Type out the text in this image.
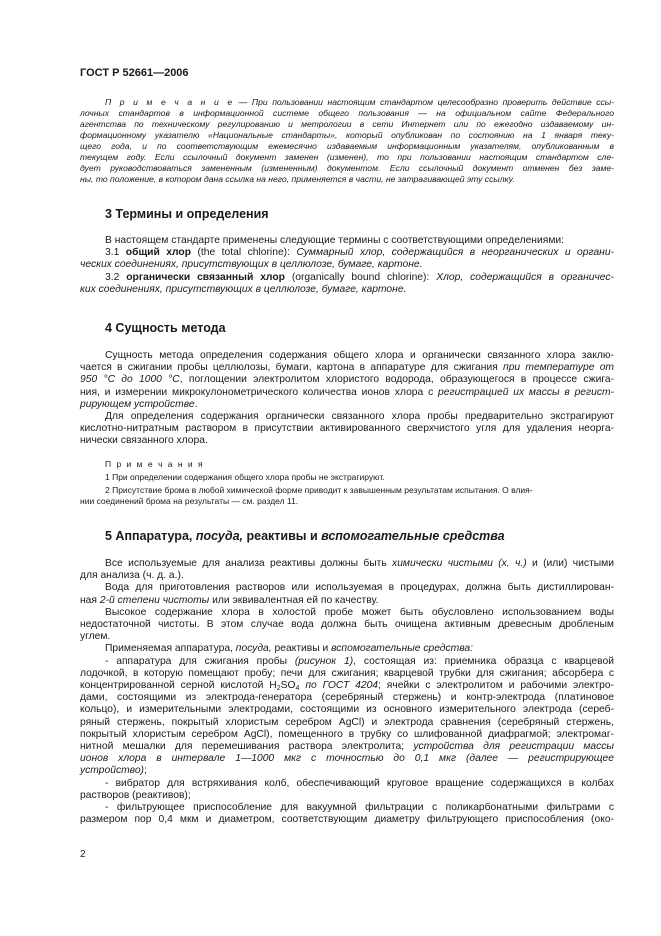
ГОСТ Р 52661—2006
П р и м е ч а н и е — При пользовании настоящим стандартом целесообразно проверить действие ссы-
лочных стандартов в информационной системе общего пользования — на официальном сайте Федерального
агентства по техническому регулированию и метрологии в сети Интернет или по ежегодно издаваемому ин-
формационному указателю «Национальные стандарты», который опубликован по состоянию на 1 января теку-
щего года, и по соответствующим ежемесячно издаваемым информационным указателям, опубликованным в
текущем году. Если ссылочный документ заменен (изменен), то при пользовании настоящим стандартом сле-
дует руководствоваться замененным (измененным) документом. Если ссылочный документ отменен без заме-
ны, то положение, в котором дана ссылка на него, применяется в части, не затрагивающей эту ссылку.
3 Термины и определения
В настоящем стандарте применены следующие термины с соответствующими определениями:
3.1 общий хлор (the total chlorine): Суммарный хлор, содержащийся в неорганических и органи-
ческих соединениях, присутствующих в целлюлозе, бумаге, картоне.
3.2 органически связанный хлор (organically bound chlorine): Хлор, содержащийся в органичес-
ких соединениях, присутствующих в целлюлозе, бумаге, картоне.
4 Сущность метода
Сущность метода определения содержания общего хлора и органически связанного хлора заклю-
чается в сжигании пробы целлюлозы, бумаги, картона в аппаратуре для сжигания при температуре от
950 °С до 1000 °С, поглощении электролитом хлористого водорода, образующегося в процессе сжига-
ния, и измерении микрокулонометрического количества ионов хлора с регистрацией их массы в регист-
рирующем устройстве.
Для определения содержания органически связанного хлора пробы предварительно экстрагируют
кислотно-нитратным раствором в присутствии активированного сверхчистого угля для удаления неорга-
нически связанного хлора.
П р и м е ч а н и я
1 При определении содержания общего хлора пробы не экстрагируют.
2 Присутствие брома в любой химической форме приводит к завышенным результатам испытания. О влия-
нии соединений брома на результаты — см. раздел 11.
5 Аппаратура, посуда, реактивы и вспомогательные средства
Все используемые для анализа реактивы должны быть химически чистыми (х. ч.) и (или) чистыми
для анализа (ч. д. а.).
Вода для приготовления растворов или используемая в процедурах, должна быть дистиллирован-
ная 2-й степени чистоты или эквивалентная ей по качеству.
Высокое содержание хлора в холостой пробе может быть обусловлено использованием воды
недостаточной чистоты. В этом случае вода должна быть очищена активным древесным дробленым
углем.
Применяемая аппаратура, посуда, реактивы и вспомогательные средства:
- аппаратура для сжигания пробы (рисунок 1), состоящая из: приемника образца с кварцевой
лодочкой, в которую помещают пробу; печи для сжигания; кварцевой трубки для сжигания; абсорбера с
концентрированной серной кислотой $H_2SO_4$ по ГОСТ 4204; ячейки с электролитом и рабочими электро-
дами, состоящими из электрода-генератора (серебряный стержень) и контр-электрода (платиновое
кольцо), и измерительными электродами, состоящими из основного измерительного электрода (сереб-
ряный стержень, покрытый хлористым серебром AgCl) и электрода сравнения (серебряный стержень,
покрытый хлористым серебром AgCl), помещенного в трубку со шлифованной диафрагмой; электромаг-
нитной мешалки для перемешивания раствора электролита; устройства для регистрации массы
ионов хлора в интервале 1—1000 мкг с точностью до 0,1 мкг (далее — регистрирующее
устройство);
- вибратор для встряхивания колб, обеспечивающий круговое вращение содержащихся в колбах
растворов (реактивов);
- фильтрующее приспособление для вакуумной фильтрации с поликарбонатными фильтрами с
размером пор 0,4 мкм и диаметром, соответствующим диаметру фильтрующего приспособления (око-
2
